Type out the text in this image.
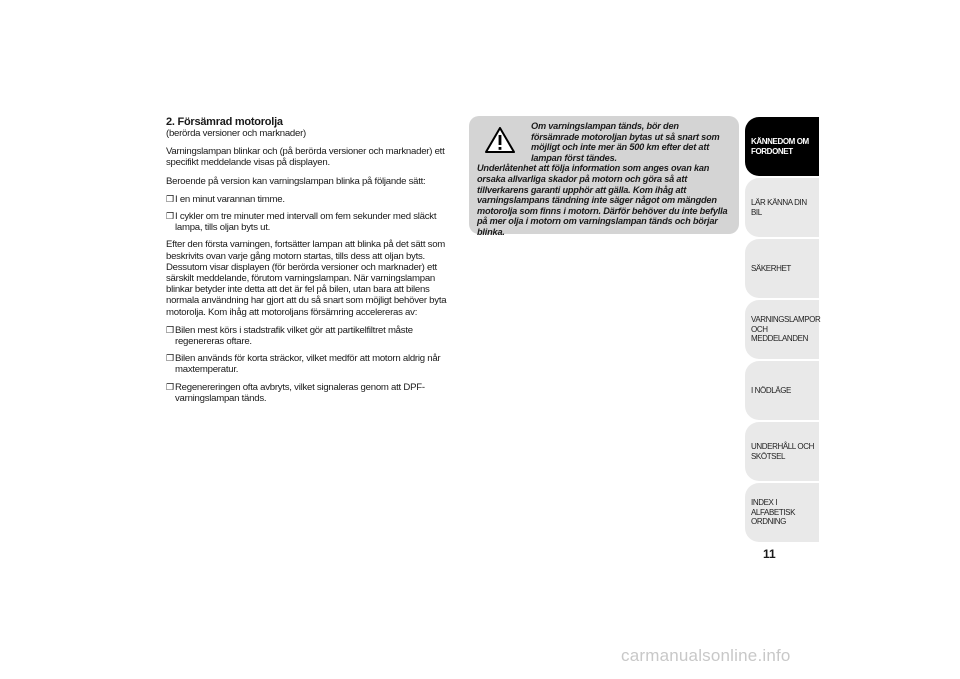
2. Försämrad motorolja

(berörda versioner och marknader)

Varningslampan blinkar och (på berörda versioner och marknader) ett specifikt meddelande visas på displayen.

Beroende på version kan varningslampan blinka på följande sätt:

❒ I en minut varannan timme.
❒ I cykler om tre minuter med intervall om fem sekunder med släckt lampa, tills oljan byts ut.

Efter den första varningen, fortsätter lampan att blinka på det sätt som beskrivits ovan varje gång motorn startas, tills dess att oljan byts. Dessutom visar displayen (för berörda versioner och marknader) ett särskilt meddelande, förutom varningslampan. När varningslampan blinkar betyder inte detta att det är fel på bilen, utan bara att bilens normala användning har gjort att du så snart som möjligt behöver byta motorolja. Kom ihåg att motoroljans försämring accelereras av:

❒ Bilen mest körs i stadstrafik vilket gör att partikelfiltret måste regenereras oftare.
❒ Bilen används för korta sträckor, vilket medför att motorn aldrig når maxtemperatur.
❒ Regenereringen ofta avbryts, vilket signaleras genom att DPF-varningslampan tänds.
Om varningslampan tänds, bör den försämrade motoroljan bytas ut så snart som möjligt och inte mer än 500 km efter det att lampan först tändes.
Underlåtenhet att följa information som anges ovan kan orsaka allvarliga skador på motorn och göra så att tillverkarens garanti upphör att gälla. Kom ihåg att varningslampans tändning inte säger något om mängden motorolja som finns i motorn. Därför behöver du inte befylla på mer olja i motorn om varningslampan tänds och börjar blinka.
KÄNNEDOM OM FORDONET
LÄR KÄNNA DIN BIL
SÄKERHET
VARNINGSLAMPOR OCH MEDDELANDEN
I NÖDLÄGE
UNDERHÅLL OCH SKÖTSEL
INDEX I ALFABETISK ORDNING
11
carmanualsonline.info
